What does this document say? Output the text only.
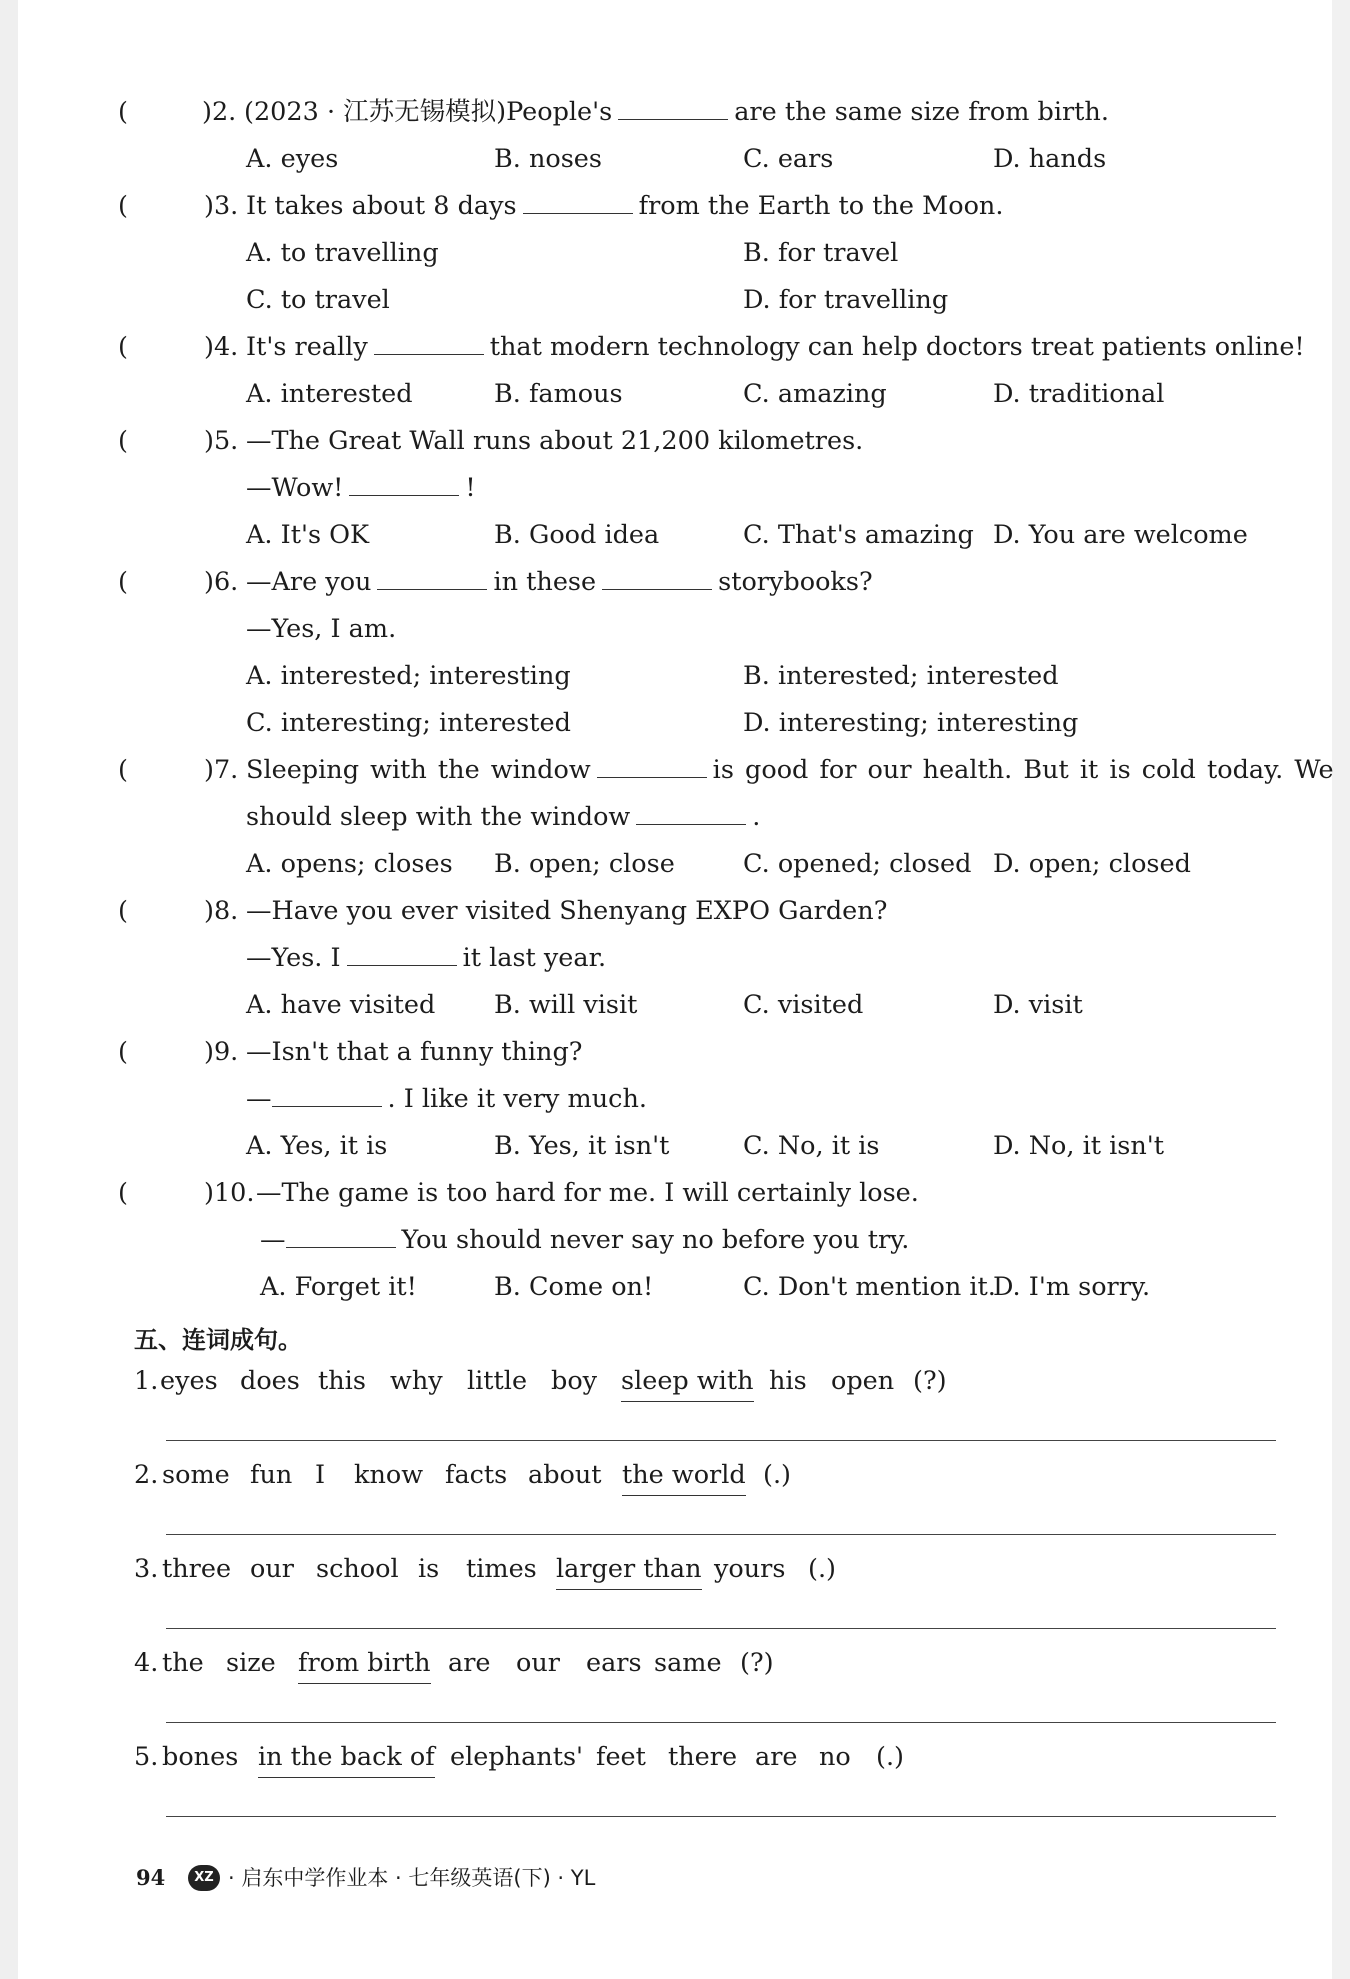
(	)2. (2023 · 江苏无锡模拟)People's	are the same size from birth.
A. eyes	B. noses	C. ears	D. hands
(	)3. It takes about 8 days	from the Earth to the Moon.
A. to travelling	B. for travel
C. to travel	D. for travelling
(	)4. It's really	that modern technology can help doctors treat patients online!
A. interested	B. famous	C. amazing	D. traditional
(	)5. —The Great Wall runs about 21,200 kilometres.
—Wow!	!
A. It's OK	B. Good idea	C. That's amazing D. You are welcome
(	)6. —Are you	in these	storybooks?
—Yes, I am.
A. interested; interesting	B. interested; interested
C. interesting; interested	D. interesting; interesting
(	)7. Sleeping with the window	is good for our health. But it is cold today. We
should sleep with the window	.
A. opens; closes B. open; close	C. opened; closed D. open; closed
(	)8. —Have you ever visited Shenyang EXPO Garden?
—Yes. I	it last year.
A. have visited B. will visit	C. visited	D. visit
(	)9. —Isn't that a funny thing?
—	. I like it very much.
A. Yes, it is	B. Yes, it isn't	C. No, it is	D. No, it isn't
(	)10. —The game is too hard for me. I will certainly lose.
—	You should never say no before you try.
A. Forget it!	B. Come on!	C. Don't mention it.
D. I'm sorry.
五、连词成句。
1. eyes does this why little boy sleep with his open (?)
2. some fun I know facts about the world (.)
3. three our school is times larger than yours (.)
4. the size from birth are our ears same (?)
5. bones in the back of elephants' feet there are no (.)
94	XZ · 启东中学作业本 · 七年级英语(下) · YL
